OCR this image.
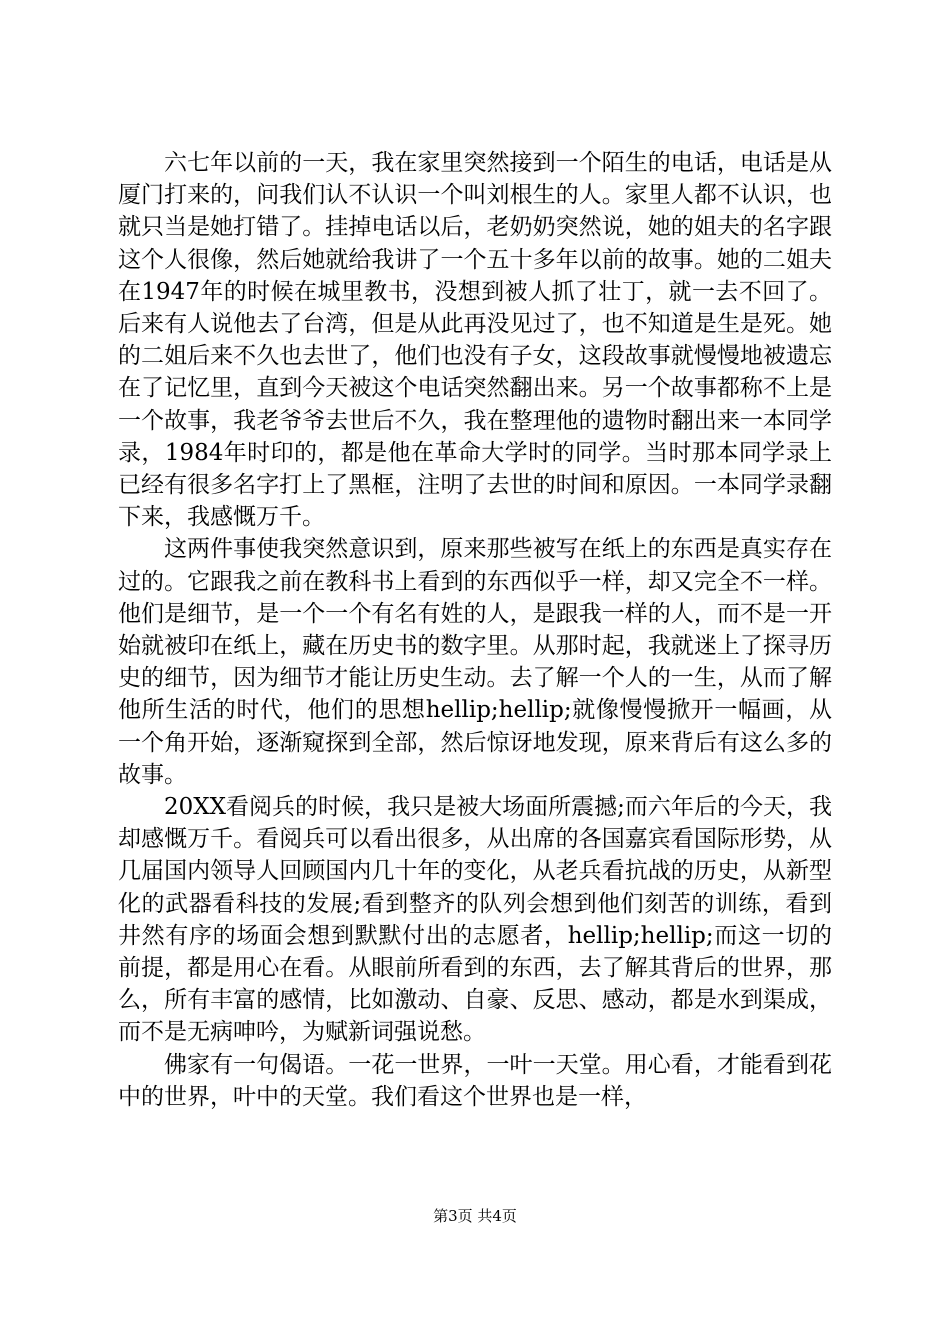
六七年以前的一天，我在家里突然接到一个陌生的电话，电话是从厦门打来的，问我们认不认识一个叫刘根生的人。家里人都不认识，也就只当是她打错了。挂掉电话以后，老奶奶突然说，她的姐夫的名字跟这个人很像，然后她就给我讲了一个五十多年以前的故事。她的二姐夫在1947年的时候在城里教书，没想到被人抓了壮丁，就一去不回了。后来有人说他去了台湾，但是从此再没见过了，也不知道是生是死。她的二姐后来不久也去世了，他们也没有子女，这段故事就慢慢地被遗忘在了记忆里，直到今天被这个电话突然翻出来。另一个故事都称不上是一个故事，我老爷爷去世后不久，我在整理他的遗物时翻出来一本同学录，1984年时印的，都是他在革命大学时的同学。当时那本同学录上已经有很多名字打上了黑框，注明了去世的时间和原因。一本同学录翻下来，我感慨万千。

这两件事使我突然意识到，原来那些被写在纸上的东西是真实存在过的。它跟我之前在教科书上看到的东西似乎一样，却又完全不一样。他们是细节，是一个一个有名有姓的人，是跟我一样的人，而不是一开始就被印在纸上，藏在历史书的数字里。从那时起，我就迷上了探寻历史的细节，因为细节才能让历史生动。去了解一个人的一生，从而了解他所生活的时代，他们的思想hellip;hellip;就像慢慢掀开一幅画，从一个角开始，逐渐窥探到全部，然后惊讶地发现，原来背后有这么多的故事。

20XX看阅兵的时候，我只是被大场面所震撼;而六年后的今天，我却感慨万千。看阅兵可以看出很多，从出席的各国嘉宾看国际形势，从几届国内领导人回顾国内几十年的变化，从老兵看抗战的历史，从新型化的武器看科技的发展;看到整齐的队列会想到他们刻苦的训练，看到井然有序的场面会想到默默付出的志愿者，hellip;hellip;而这一切的前提，都是用心在看。从眼前所看到的东西，去了解其背后的世界，那么，所有丰富的感情，比如激动、自豪、反思、感动，都是水到渠成，而不是无病呻吟，为赋新词强说愁。

佛家有一句偈语。一花一世界，一叶一天堂。用心看，才能看到花中的世界，叶中的天堂。我们看这个世界也是一样，

第3页 共4页
